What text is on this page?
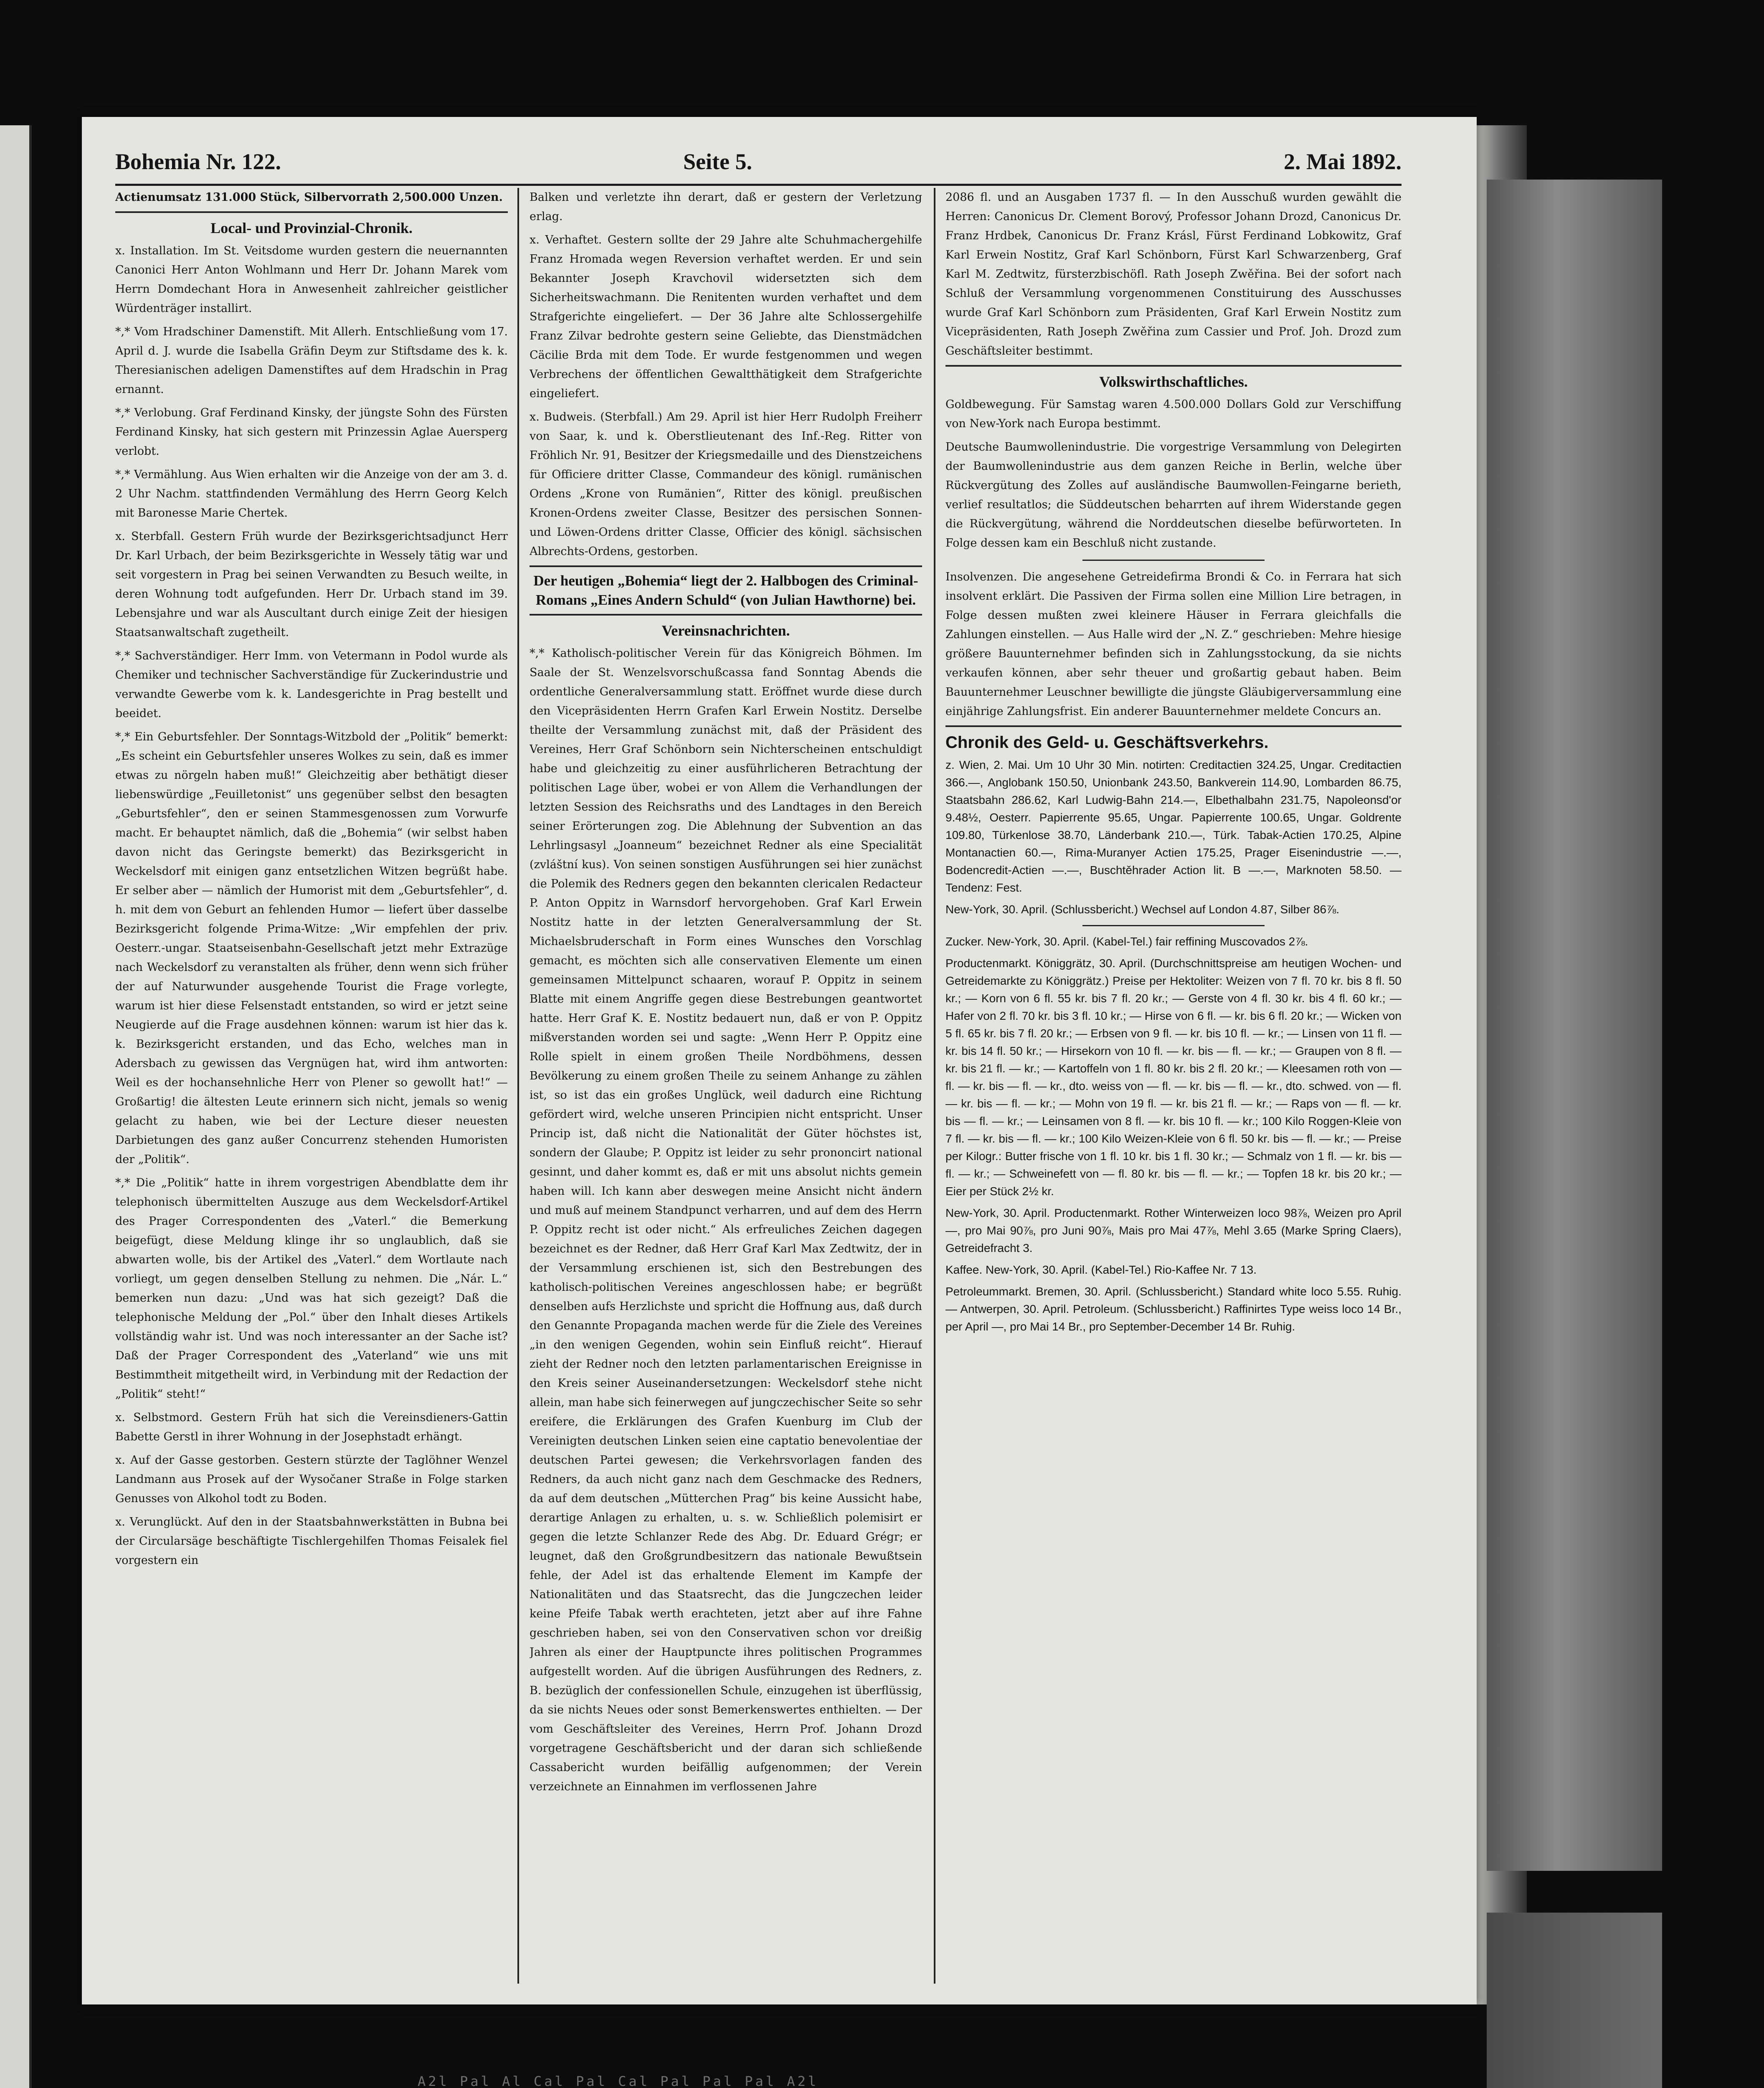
A2l Pal Al Cal Pal Cal Pal Pal Pal A2l
Bohemia Nr. 122.	Seite 5.	2. Mai 1892.

Actienumsatz 131.000 Stück, Silbervorrath 2,500.000 Unzen.

Local- und Provinzial-Chronik.

x. Installation. Im St. Veitsdome wurden gestern die neuernannten Canonici Herr Anton Wohlmann und Herr Dr. Johann Marek vom Herrn Domdechant Hora in Anwesenheit zahlreicher geistlicher Würdenträger installirt.

*,* Vom Hradschiner Damenstift. Mit Allerh. Entschließung vom 17. April d. J. wurde die Isabella Gräfin Deym zur Stiftsdame des k. k. Theresianischen adeligen Damenstiftes auf dem Hradschin in Prag ernannt.

*,* Verlobung. Graf Ferdinand Kinsky, der jüngste Sohn des Fürsten Ferdinand Kinsky, hat sich gestern mit Prinzessin Aglae Auersperg verlobt.

*,* Vermählung. Aus Wien erhalten wir die Anzeige von der am 3. d. 2 Uhr Nachm. stattfindenden Vermählung des Herrn Georg Kelch mit Baronesse Marie Chertek.

x. Sterbfall. Gestern Früh wurde der Bezirksgerichtsadjunct Herr Dr. Karl Urbach, der beim Bezirksgerichte in Wessely tätig war und seit vorgestern in Prag bei seinen Verwandten zu Besuch weilte, in deren Wohnung todt aufgefunden. Herr Dr. Urbach stand im 39. Lebensjahre und war als Auscultant durch einige Zeit der hiesigen Staatsanwaltschaft zugetheilt.

*,* Sachverständiger. Herr Imm. von Vetermann in Podol wurde als Chemiker und technischer Sachverständige für Zuckerindustrie und verwandte Gewerbe vom k. k. Landesgerichte in Prag bestellt und beeidet.

*,* Ein Geburtsfehler. Der Sonntags-Witzbold der „Politik“ bemerkt: „Es scheint ein Geburtsfehler unseres Wolkes zu sein, daß es immer etwas zu nörgeln haben muß!“ Gleichzeitig aber bethätigt dieser liebenswürdige „Feuilletonist“ uns gegenüber selbst den besagten „Geburtsfehler“, den er seinen Stammesgenossen zum Vorwurfe macht. Er behauptet nämlich, daß die „Bohemia“ (wir selbst haben davon nicht das Geringste bemerkt) das Bezirksgericht in Weckelsdorf mit einigen ganz entsetzlichen Witzen begrüßt habe. Er selber aber — nämlich der Humorist mit dem „Geburtsfehler“, d. h. mit dem von Geburt an fehlenden Humor — liefert über dasselbe Bezirksgericht folgende Prima-Witze: „Wir empfehlen der priv. Oesterr.-ungar. Staatseisenbahn-Gesellschaft jetzt mehr Extrazüge nach Weckelsdorf zu veranstalten als früher, denn wenn sich früher der auf Naturwunder ausgehende Tourist die Frage vorlegte, warum ist hier diese Felsenstadt entstanden, so wird er jetzt seine Neugierde auf die Frage ausdehnen können: warum ist hier das k. k. Bezirksgericht erstanden, und das Echo, welches man in Adersbach zu gewissen das Vergnügen hat, wird ihm antworten: Weil es der hochansehnliche Herr von Plener so gewollt hat!“ — Großartig! die ältesten Leute erinnern sich nicht, jemals so wenig gelacht zu haben, wie bei der Lecture dieser neuesten Darbietungen des ganz außer Concurrenz stehenden Humoristen der „Politik“.

*,* Die „Politik“ hatte in ihrem vorgestrigen Abendblatte dem ihr telephonisch übermittelten Auszuge aus dem Weckelsdorf-Artikel des Prager Correspondenten des „Vaterl.“ die Bemerkung beigefügt, diese Meldung klinge ihr so unglaublich, daß sie abwarten wolle, bis der Artikel des „Vaterl.“ dem Wortlaute nach vorliegt, um gegen denselben Stellung zu nehmen. Die „Nár. L.“ bemerken nun dazu: „Und was hat sich gezeigt? Daß die telephonische Meldung der „Pol.“ über den Inhalt dieses Artikels vollständig wahr ist. Und was noch interessanter an der Sache ist? Daß der Prager Correspondent des „Vaterland“ wie uns mit Bestimmtheit mitgetheilt wird, in Verbindung mit der Redaction der „Politik“ steht!“

x. Selbstmord. Gestern Früh hat sich die Vereinsdieners-Gattin Babette Gerstl in ihrer Wohnung in der Josephstadt erhängt.

x. Auf der Gasse gestorben. Gestern stürzte der Taglöhner Wenzel Landmann aus Prosek auf der Wysočaner Straße in Folge starken Genusses von Alkohol todt zu Boden.

x. Verunglückt. Auf den in der Staatsbahnwerkstätten in Bubna bei der Circularsäge beschäftigte Tischlergehilfen Thomas Feisalek fiel vorgestern ein

Balken und verletzte ihn derart, daß er gestern der Verletzung erlag.

x. Verhaftet. Gestern sollte der 29 Jahre alte Schuhmachergehilfe Franz Hromada wegen Reversion verhaftet werden. Er und sein Bekannter Joseph Kravchovil widersetzten sich dem Sicherheitswachmann. Die Renitenten wurden verhaftet und dem Strafgerichte eingeliefert. — Der 36 Jahre alte Schlossergehilfe Franz Zilvar bedrohte gestern seine Geliebte, das Dienstmädchen Cäcilie Brda mit dem Tode. Er wurde festgenommen und wegen Verbrechens der öffentlichen Gewaltthätigkeit dem Strafgerichte eingeliefert.

x. Budweis. (Sterbfall.) Am 29. April ist hier Herr Rudolph Freiherr von Saar, k. und k. Oberstlieutenant des Inf.-Reg. Ritter von Fröhlich Nr. 91, Besitzer der Kriegsmedaille und des Dienstzeichens für Officiere dritter Classe, Commandeur des königl. rumänischen Ordens „Krone von Rumänien“, Ritter des königl. preußischen Kronen-Ordens zweiter Classe, Besitzer des persischen Sonnen- und Löwen-Ordens dritter Classe, Officier des königl. sächsischen Albrechts-Ordens, gestorben.

Der heutigen „Bohemia“ liegt der 2. Halbbogen des Criminal-Romans „Eines Andern Schuld“ (von Julian Hawthorne) bei.

Vereinsnachrichten.

*,* Katholisch-politischer Verein für das Königreich Böhmen. Im Saale der St. Wenzelsvorschußcassa fand Sonntag Abends die ordentliche Generalversammlung statt. Eröffnet wurde diese durch den Vicepräsidenten Herrn Grafen Karl Erwein Nostitz. Derselbe theilte der Versammlung zunächst mit, daß der Präsident des Vereines, Herr Graf Schönborn sein Nichterscheinen entschuldigt habe und gleichzeitig zu einer ausführlicheren Betrachtung der politischen Lage über, wobei er von Allem die Verhandlungen der letzten Session des Reichsraths und des Landtages in den Bereich seiner Erörterungen zog. Die Ablehnung der Subvention an das Lehrlingsasyl „Joanneum“ bezeichnet Redner als eine Specialität (zvláštní kus). Von seinen sonstigen Ausführungen sei hier zunächst die Polemik des Redners gegen den bekannten clericalen Redacteur P. Anton Oppitz in Warnsdorf hervorgehoben. Graf Karl Erwein Nostitz hatte in der letzten Generalversammlung der St. Michaelsbruderschaft in Form eines Wunsches den Vorschlag gemacht, es möchten sich alle conservativen Elemente um einen gemeinsamen Mittelpunct schaaren, worauf P. Oppitz in seinem Blatte mit einem Angriffe gegen diese Bestrebungen geantwortet hatte. Herr Graf K. E. Nostitz bedauert nun, daß er von P. Oppitz mißverstanden worden sei und sagte: „Wenn Herr P. Oppitz eine Rolle spielt in einem großen Theile Nordböhmens, dessen Bevölkerung zu einem großen Theile zu seinem Anhange zu zählen ist, so ist das ein großes Unglück, weil dadurch eine Richtung gefördert wird, welche unseren Principien nicht entspricht. Unser Princip ist, daß nicht die Nationalität der Güter höchstes ist, sondern der Glaube; P. Oppitz ist leider zu sehr prononcirt national gesinnt, und daher kommt es, daß er mit uns absolut nichts gemein haben will. Ich kann aber deswegen meine Ansicht nicht ändern und muß auf meinem Standpunct verharren, und auf dem des Herrn P. Oppitz recht ist oder nicht.“ Als erfreuliches Zeichen dagegen bezeichnet es der Redner, daß Herr Graf Karl Max Zedtwitz, der in der Versammlung erschienen ist, sich den Bestrebungen des katholisch-politischen Vereines angeschlossen habe; er begrüßt denselben aufs Herzlichste und spricht die Hoffnung aus, daß durch den Genannte Propaganda machen werde für die Ziele des Vereines „in den wenigen Gegenden, wohin sein Einfluß reicht“. Hierauf zieht der Redner noch den letzten parlamentarischen Ereignisse in den Kreis seiner Auseinandersetzungen: Weckelsdorf stehe nicht allein, man habe sich feinerwegen auf jungczechischer Seite so sehr ereifere, die Erklärungen des Grafen Kuenburg im Club der Vereinigten deutschen Linken seien eine captatio benevolentiae der deutschen Partei gewesen; die Verkehrsvorlagen fanden des Redners, da auch nicht ganz nach dem Geschmacke des Redners, da auf dem deutschen „Mütterchen Prag“ bis keine Aussicht habe, derartige Anlagen zu erhalten, u. s. w. Schließlich polemisirt er gegen die letzte Schlanzer Rede des Abg. Dr. Eduard Grégr; er leugnet, daß den Großgrundbesitzern das nationale Bewußtsein fehle, der Adel ist das erhaltende Element im Kampfe der Nationalitäten und das Staatsrecht, das die Jungczechen leider keine Pfeife Tabak werth erachteten, jetzt aber auf ihre Fahne geschrieben haben, sei von den Conservativen schon vor dreißig Jahren als einer der Hauptpuncte ihres politischen Programmes aufgestellt worden. Auf die übrigen Ausführungen des Redners, z. B. bezüglich der confessionellen Schule, einzugehen ist überflüssig, da sie nichts Neues oder sonst Bemerkenswertes enthielten. — Der vom Geschäftsleiter des Vereines, Herrn Prof. Johann Drozd vorgetragene Geschäftsbericht und der daran sich schließende Cassabericht wurden beifällig aufgenommen; der Verein verzeichnete an Einnahmen im verflossenen Jahre

2086 fl. und an Ausgaben 1737 fl. — In den Ausschuß wurden gewählt die Herren: Canonicus Dr. Clement Borový, Professor Johann Drozd, Canonicus Dr. Franz Hrdbek, Canonicus Dr. Franz Krásl, Fürst Ferdinand Lobkowitz, Graf Karl Erwein Nostitz, Graf Karl Schönborn, Fürst Karl Schwarzenberg, Graf Karl M. Zedtwitz, fürsterzbischöfl. Rath Joseph Zwěřina. Bei der sofort nach Schluß der Versammlung vorgenommenen Constituirung des Ausschusses wurde Graf Karl Schönborn zum Präsidenten, Graf Karl Erwein Nostitz zum Vicepräsidenten, Rath Joseph Zwěřina zum Cassier und Prof. Joh. Drozd zum Geschäftsleiter bestimmt.

Volkswirthschaftliches.

Goldbewegung. Für Samstag waren 4.500.000 Dollars Gold zur Verschiffung von New-York nach Europa bestimmt.

Deutsche Baumwollenindustrie. Die vorgestrige Versammlung von Delegirten der Baumwollenindustrie aus dem ganzen Reiche in Berlin, welche über Rückvergütung des Zolles auf ausländische Baumwollen-Feingarne berieth, verlief resultatlos; die Süddeutschen beharrten auf ihrem Widerstande gegen die Rückvergütung, während die Norddeutschen dieselbe befürworteten. In Folge dessen kam ein Beschluß nicht zustande.

Insolvenzen. Die angesehene Getreidefirma Brondi & Co. in Ferrara hat sich insolvent erklärt. Die Passiven der Firma sollen eine Million Lire betragen, in Folge dessen mußten zwei kleinere Häuser in Ferrara gleichfalls die Zahlungen einstellen. — Aus Halle wird der „N. Z.“ geschrieben: Mehre hiesige größere Bauunternehmer befinden sich in Zahlungsstockung, da sie nichts verkaufen können, aber sehr theuer und großartig gebaut haben. Beim Bauunternehmer Leuschner bewilligte die jüngste Gläubigerversammlung eine einjährige Zahlungsfrist. Ein anderer Bauunternehmer meldete Concurs an.

Chronik des Geld- u. Geschäftsverkehrs.

z. Wien, 2. Mai. Um 10 Uhr 30 Min. notirten: Creditactien 324.25, Ungar. Creditactien 366.—, Anglobank 150.50, Unionbank 243.50, Bankverein 114.90, Lombarden 86.75, Staatsbahn 286.62, Karl Ludwig-Bahn 214.—, Elbethalbahn 231.75, Napoleonsd'or 9.48½, Oesterr. Papierrente 95.65, Ungar. Papierrente 100.65, Ungar. Goldrente 109.80, Türkenlose 38.70, Länderbank 210.—, Türk. Tabak-Actien 170.25, Alpine Montanactien 60.—, Rima-Muranyer Actien 175.25, Prager Eisenindustrie —.—, Bodencredit-Actien —.—, Buschtěhrader Action lit. B —.—, Marknoten 58.50. — Tendenz: Fest.

New-York, 30. April. (Schlussbericht.) Wechsel auf London 4.87, Silber 86⅞.

Zucker. New-York, 30. April. (Kabel-Tel.) fair reffining Muscovados 2⅞.

Productenmarkt. Königgrätz, 30. April. (Durchschnittspreise am heutigen Wochen- und Getreidemarkte zu Königgrätz.) Preise per Hektoliter: Weizen von 7 fl. 70 kr. bis 8 fl. 50 kr.; — Korn von 6 fl. 55 kr. bis 7 fl. 20 kr.; — Gerste von 4 fl. 30 kr. bis 4 fl. 60 kr.; — Hafer von 2 fl. 70 kr. bis 3 fl. 10 kr.; — Hirse von 6 fl. — kr. bis 6 fl. 20 kr.; — Wicken von 5 fl. 65 kr. bis 7 fl. 20 kr.; — Erbsen von 9 fl. — kr. bis 10 fl. — kr.; — Linsen von 11 fl. — kr. bis 14 fl. 50 kr.; — Hirsekorn von 10 fl. — kr. bis — fl. — kr.; — Graupen von 8 fl. — kr. bis 21 fl. — kr.; — Kartoffeln von 1 fl. 80 kr. bis 2 fl. 20 kr.; — Kleesamen roth von — fl. — kr. bis — fl. — kr., dto. weiss von — fl. — kr. bis — fl. — kr., dto. schwed. von — fl. — kr. bis — fl. — kr.; — Mohn von 19 fl. — kr. bis 21 fl. — kr.; — Raps von — fl. — kr. bis — fl. — kr.; — Leinsamen von 8 fl. — kr. bis 10 fl. — kr.; 100 Kilo Roggen-Kleie von 7 fl. — kr. bis — fl. — kr.; 100 Kilo Weizen-Kleie von 6 fl. 50 kr. bis — fl. — kr.; — Preise per Kilogr.: Butter frische von 1 fl. 10 kr. bis 1 fl. 30 kr.; — Schmalz von 1 fl. — kr. bis — fl. — kr.; — Schweinefett von — fl. 80 kr. bis — fl. — kr.; — Topfen 18 kr. bis 20 kr.; — Eier per Stück 2½ kr.

New-York, 30. April. Productenmarkt. Rother Winterweizen loco 98⅞, Weizen pro April —, pro Mai 90⅞, pro Juni 90⅞, Mais pro Mai 47⅞, Mehl 3.65 (Marke Spring Claers), Getreidefracht 3.

Kaffee. New-York, 30. April. (Kabel-Tel.) Rio-Kaffee Nr. 7 13.

Petroleummarkt. Bremen, 30. April. (Schlussbericht.) Standard white loco 5.55. Ruhig. — Antwerpen, 30. April. Petroleum. (Schlussbericht.) Raffinirtes Type weiss loco 14 Br., per April —, pro Mai 14 Br., pro September-December 14 Br. Ruhig.
